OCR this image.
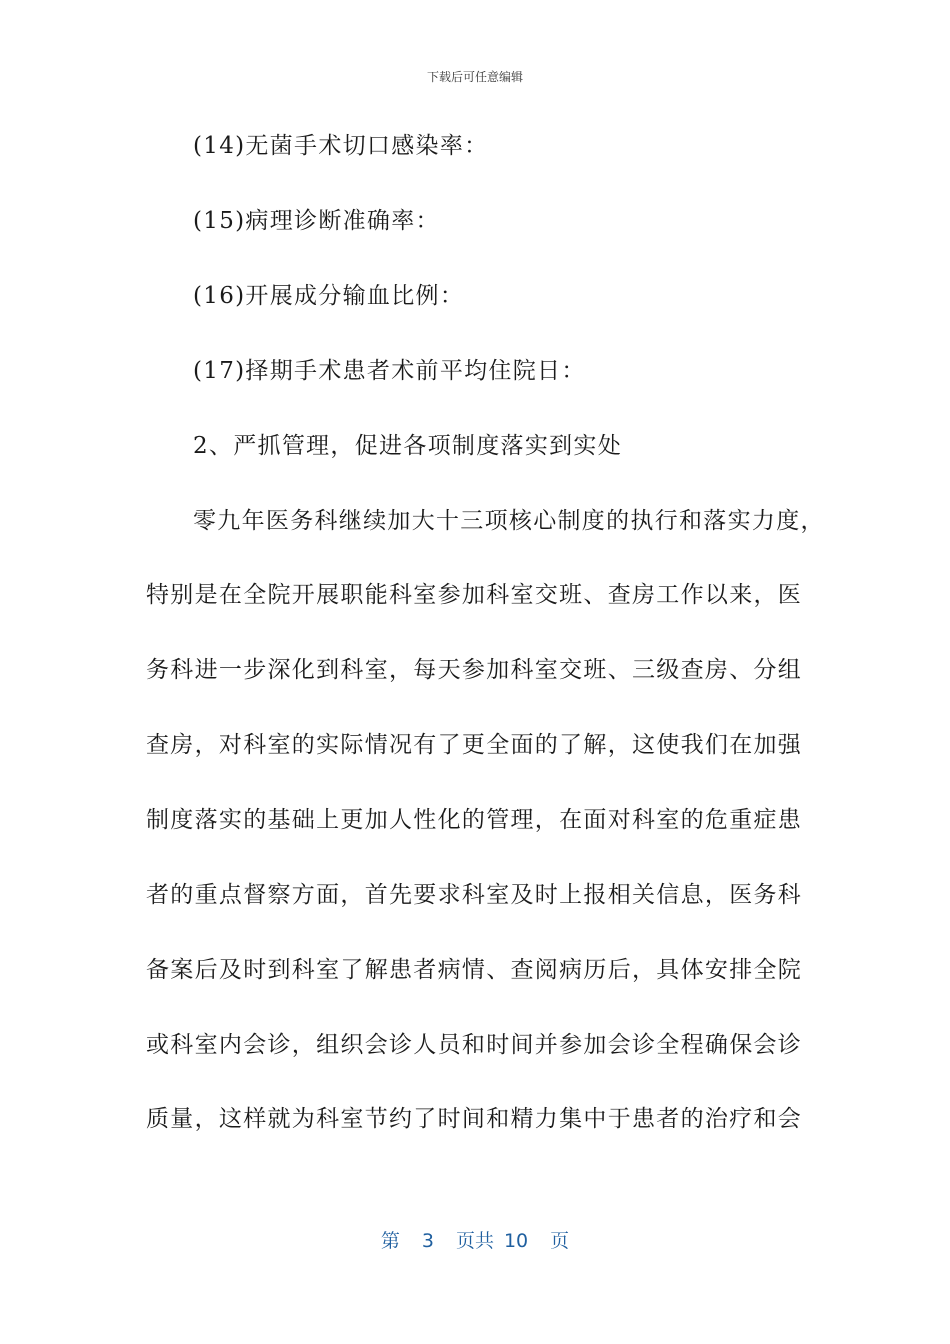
下载后可任意编辑
(14)无菌手术切口感染率：
(15)病理诊断准确率：
(16)开展成分输血比例：
(17)择期手术患者术前平均住院日：
2、严抓管理，促进各项制度落实到实处
零九年医务科继续加大十三项核心制度的执行和落实力度，
特别是在全院开展职能科室参加科室交班、查房工作以来，医
务科进一步深化到科室，每天参加科室交班、三级查房、分组
查房，对科室的实际情况有了更全面的了解，这使我们在加强
制度落实的基础上更加人性化的管理，在面对科室的危重症患
者的重点督察方面，首先要求科室及时上报相关信息，医务科
备案后及时到科室了解患者病情、查阅病历后，具体安排全院
或科室内会诊，组织会诊人员和时间并参加会诊全程确保会诊
质量，这样就为科室节约了时间和精力集中于患者的治疗和会
第 3 页共 10 页
